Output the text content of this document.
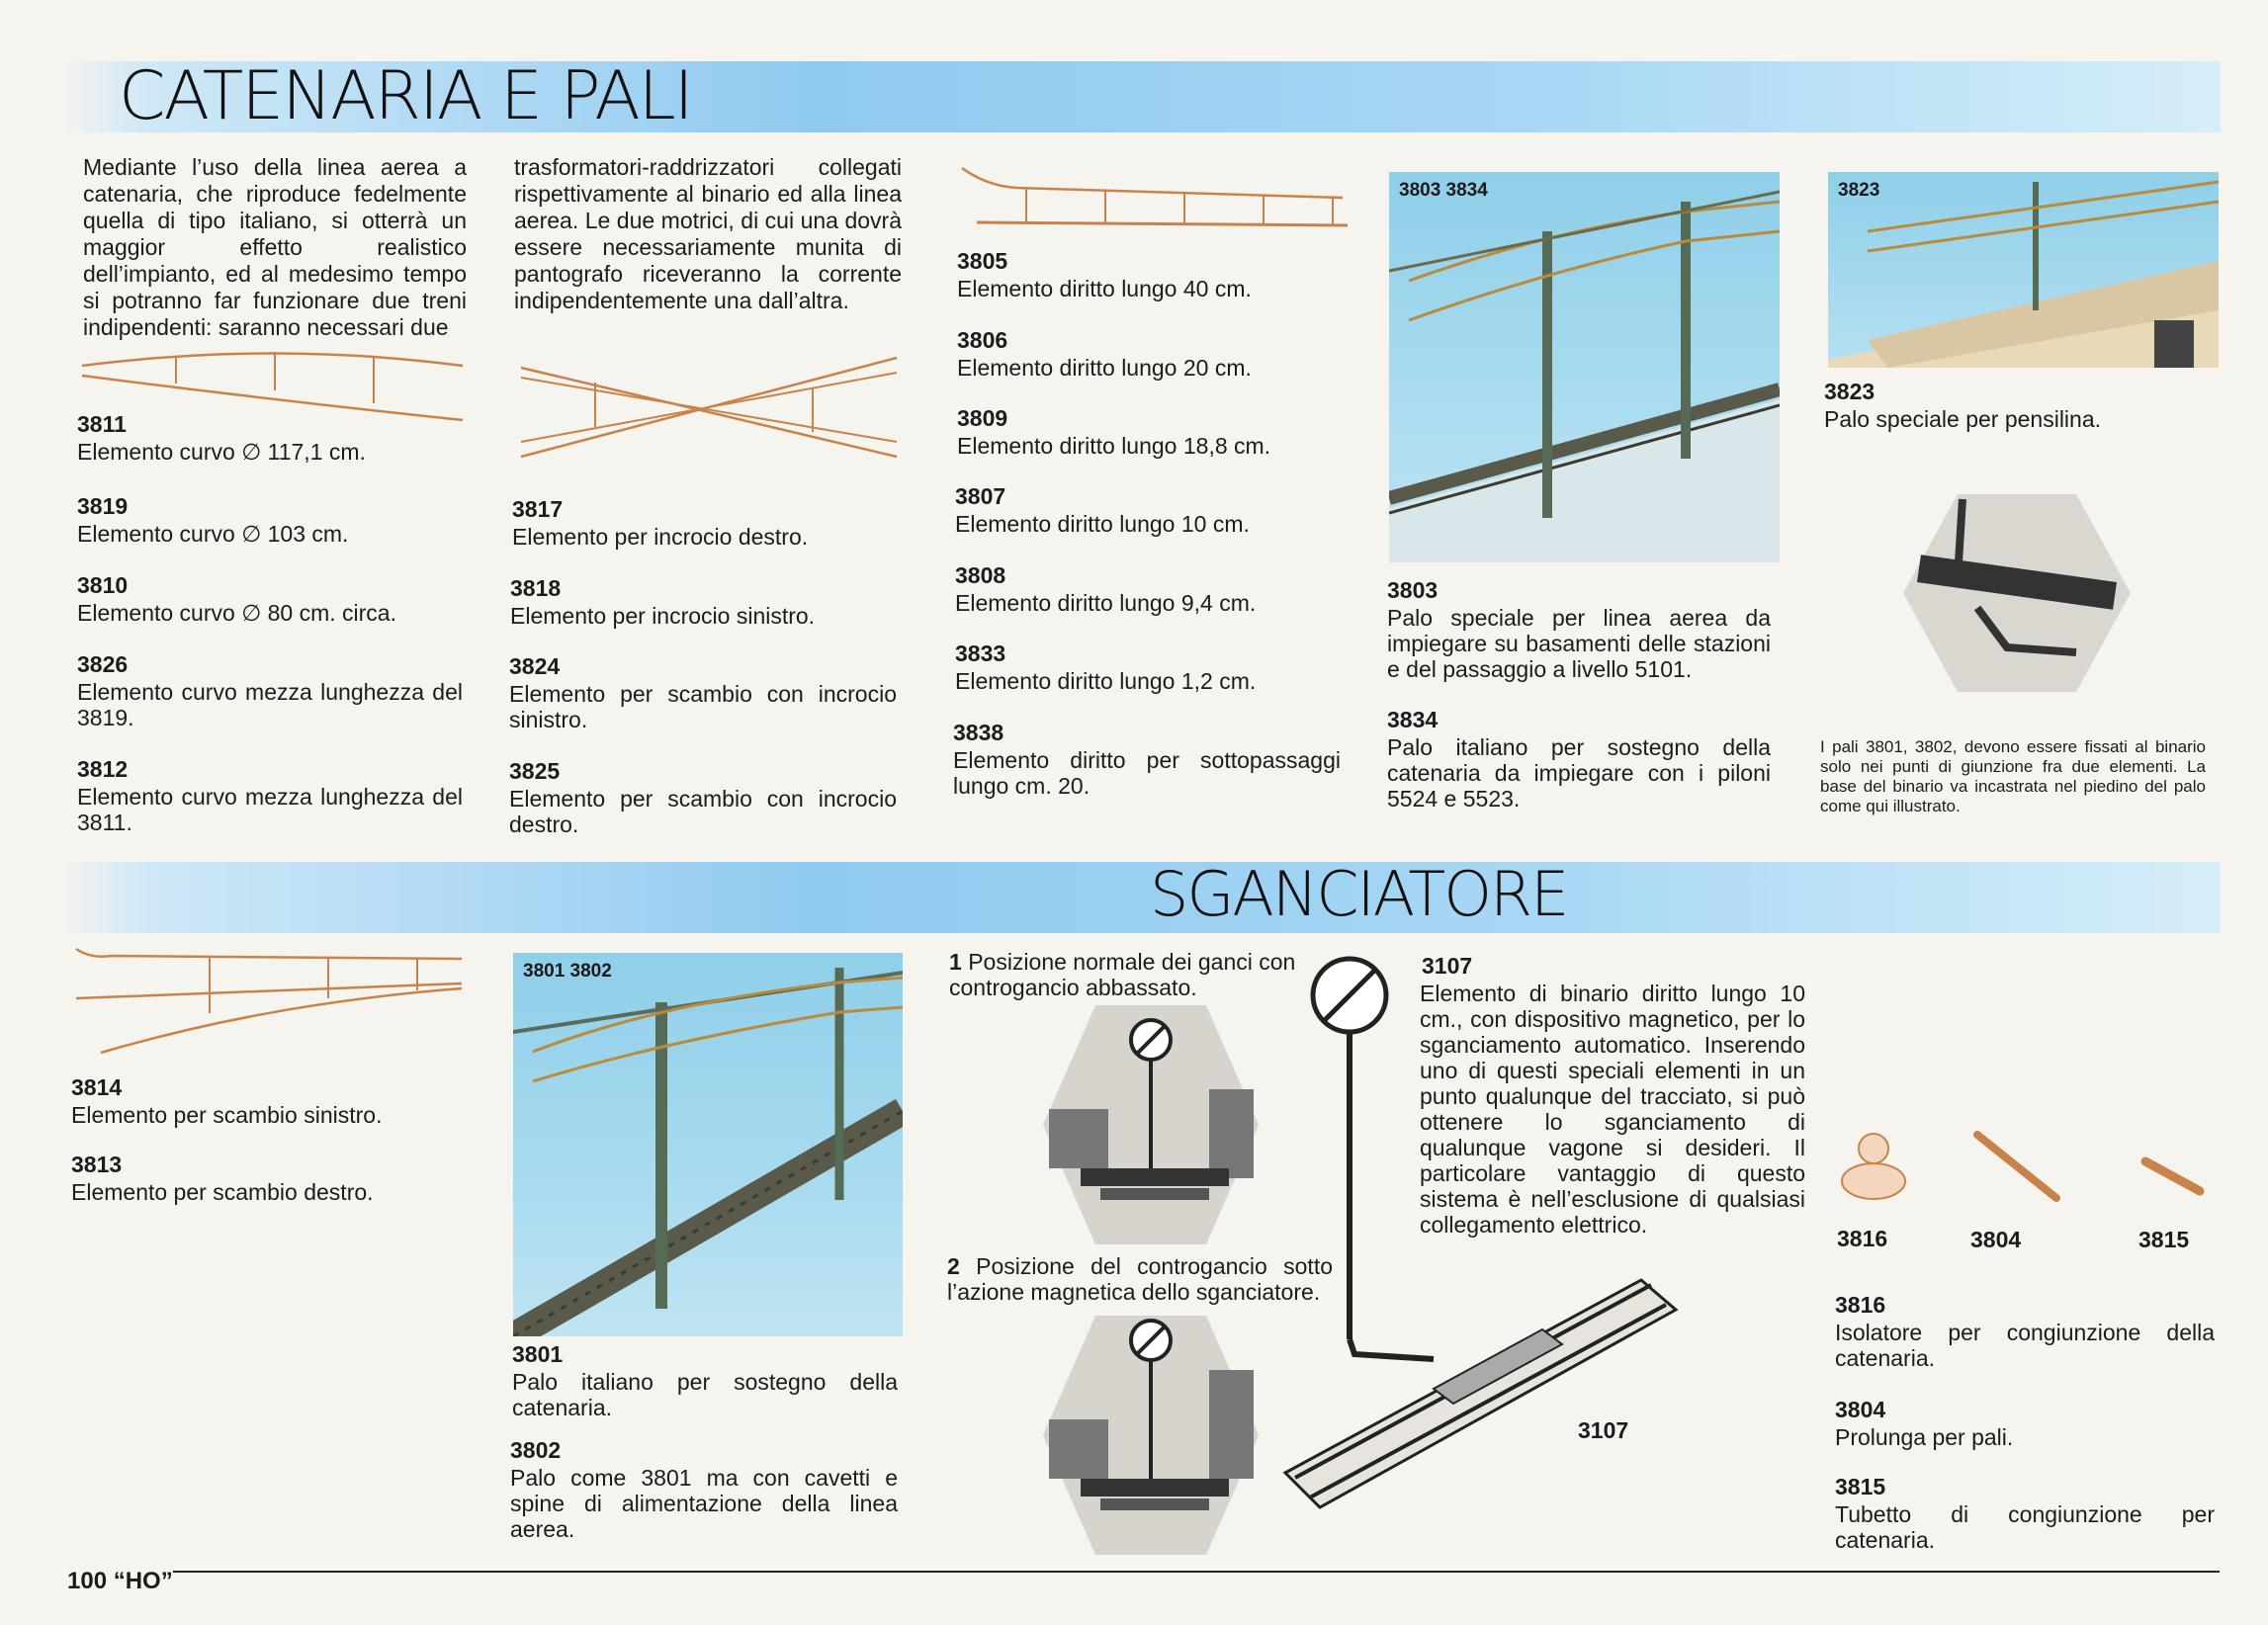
CATENARIA E PALI
Mediante l’uso della linea aerea a catenaria, che riproduce fedelmente quella di tipo italiano, si otterrà un maggior effetto realistico dell’impianto, ed al medesimo tempo si potranno far funzionare due treni indipendenti: saranno necessari due
trasformatori-raddrizzatori collegati rispettivamente al binario ed alla linea aerea. Le due motrici, di cui una dovrà essere necessariamente munita di pantografo riceveranno la corrente indipendentemente una dall’altra.
3811
Elemento curvo ∅ 117,1 cm.
3819
Elemento curvo ∅ 103 cm.
3810
Elemento curvo ∅ 80 cm. circa.
3826
Elemento curvo mezza lunghezza del 3819.
3812
Elemento curvo mezza lunghezza del 3811.
3817
Elemento per incrocio destro.
3818
Elemento per incrocio sinistro.
3824
Elemento per scambio con incrocio sinistro.
3825
Elemento per scambio con incrocio destro.
3805
Elemento diritto lungo 40 cm.
3806
Elemento diritto lungo 20 cm.
3809
Elemento diritto lungo 18,8 cm.
3807
Elemento diritto lungo 10 cm.
3808
Elemento diritto lungo 9,4 cm.
3833
Elemento diritto lungo 1,2 cm.
3838
Elemento diritto per sottopassaggi lungo cm. 20.
3803 3834
3803
Palo speciale per linea aerea da impiegare su basamenti delle stazioni e del passaggio a livello 5101.
3834
Palo italiano per sostegno della catenaria da impiegare con i piloni 5524 e 5523.
3823
3823
Palo speciale per pensilina.
I pali 3801, 3802, devono essere fissati al binario solo nei punti di giunzione fra due elementi. La base del binario va incastrata nel piedino del palo come qui illustrato.
SGANCIATORE
3814
Elemento per scambio sinistro.
3813
Elemento per scambio destro.
3801 3802
3801
Palo italiano per sostegno della catenaria.
3802
Palo come 3801 ma con cavetti e spine di alimentazione della linea aerea.
1 Posizione normale dei ganci con controgancio abbassato.
2 Posizione del controgancio sotto l’azione magnetica dello sganciatore.
3107
3107
Elemento di binario diritto lungo 10 cm., con dispositivo magnetico, per lo sganciamento automatico. Inserendo uno di questi speciali elementi in un punto qualunque del tracciato, si può ottenere lo sganciamento di qualunque vagone si desideri. Il particolare vantaggio di questo sistema è nell’esclusione di qualsiasi collegamento elettrico.
3816	3804	3815
3816
Isolatore per congiunzione della catenaria.
3804
Prolunga per pali.
3815
Tubetto di congiunzione per catenaria.
100 “HO”
